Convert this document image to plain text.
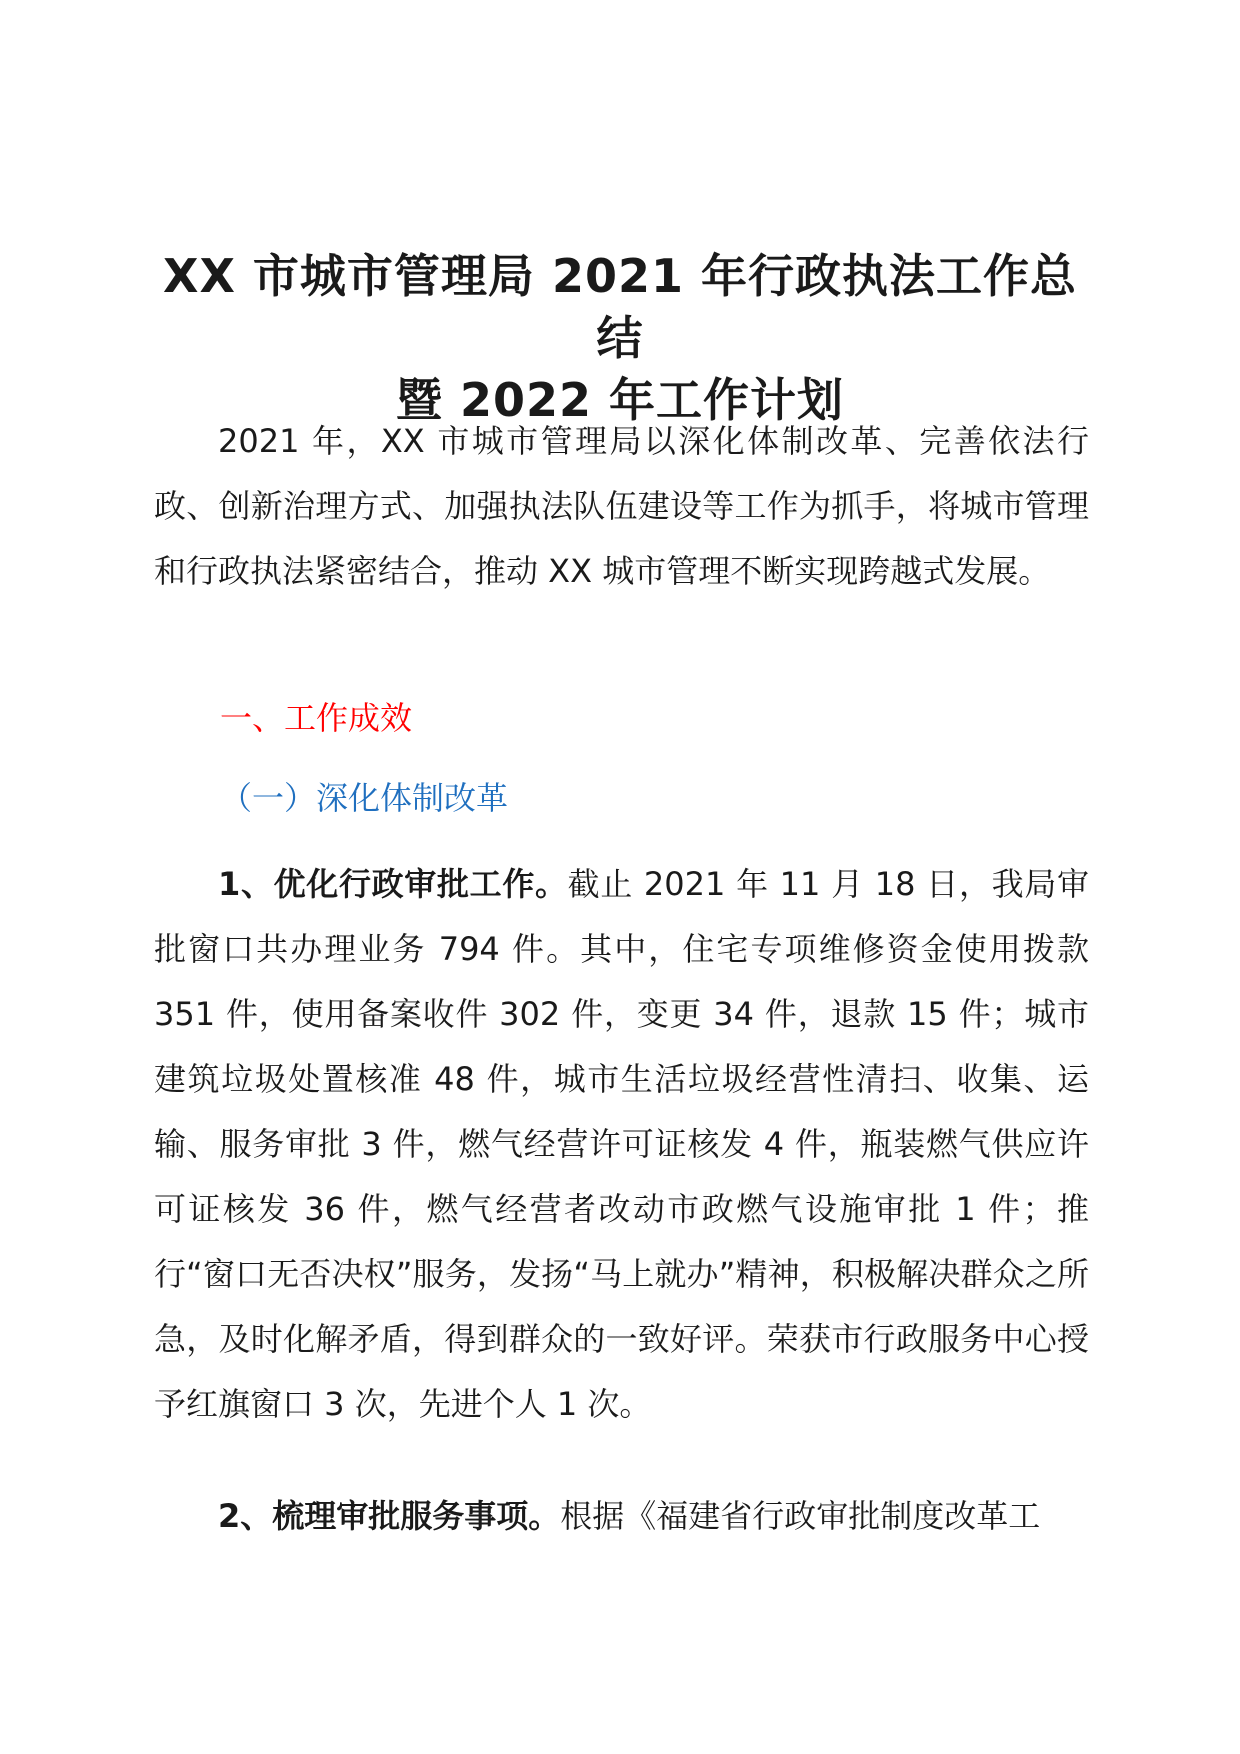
XX 市城市管理局 2021 年行政执法工作总结
暨 2022 年工作计划

2021 年，XX 市城市管理局以深化体制改革、完善依法行政、创新治理方式、加强执法队伍建设等工作为抓手，将城市管理和行政执法紧密结合，推动 XX 城市管理不断实现跨越式发展。

一、工作成效
（一）深化体制改革

1、优化行政审批工作。截止 2021 年 11 月 18 日，我局审批窗口共办理业务 794 件。其中，住宅专项维修资金使用拨款 351 件，使用备案收件 302 件，变更 34 件，退款 15 件；城市建筑垃圾处置核准 48 件，城市生活垃圾经营性清扫、收集、运输、服务审批 3 件，燃气经营许可证核发 4 件，瓶装燃气供应许可证核发 36 件，燃气经营者改动市政燃气设施审批 1 件；推行“窗口无否决权”服务，发扬“马上就办”精神，积极解决群众之所急，及时化解矛盾，得到群众的一致好评。荣获市行政服务中心授予红旗窗口 3 次，先进个人 1 次。

2、梳理审批服务事项。根据《福建省行政审批制度改革工
